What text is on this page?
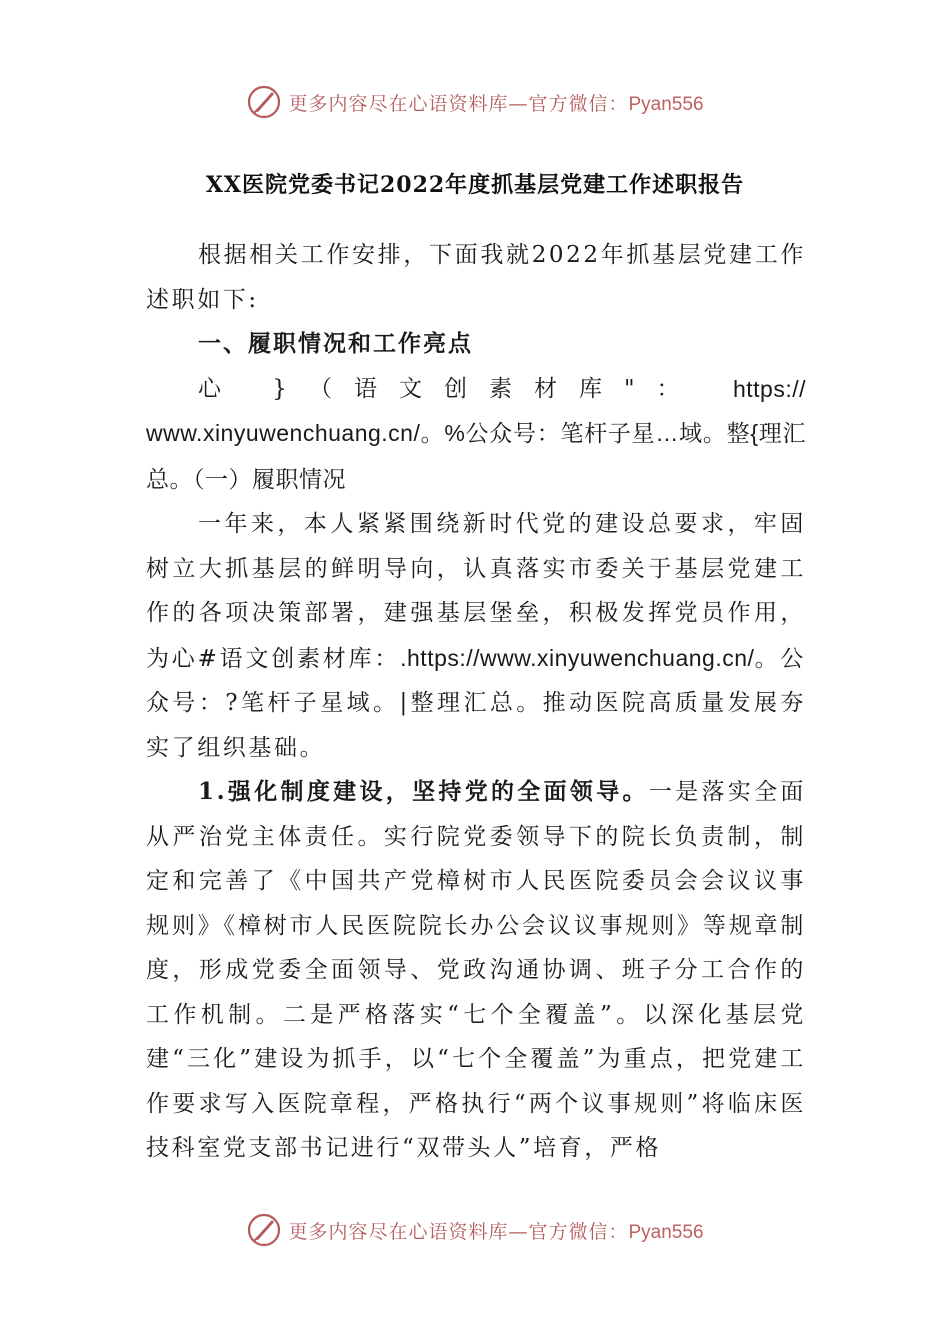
更多内容尽在心语资料库—官方微信：Pyan556
XX医院党委书记2022年度抓基层党建工作述职报告

根据相关工作安排，下面我就2022年抓基层党建工作述职如下:

一、履职情况和工作亮点

心 }（语文创素材库"：	https://

www.xinyuwenchuang.cn/。%公众号：笔杆子星…域。整{理汇总。（一）履职情况

一年来，本人紧紧围绕新时代党的建设总要求，牢固树立大抓基层的鲜明导向，认真落实市委关于基层党建工作的各项决策部署，建强基层堡垒，积极发挥党员作用，为心#语文创素材库：.https://www.xinyuwenchuang.cn/。公众号：?笔杆子星域。|整理汇总。推动医院高质量发展夯实了组织基础。

1.强化制度建设，坚持党的全面领导。一是落实全面从严治党主体责任。实行院党委领导下的院长负责制，制定和完善了《中国共产党樟树市人民医院委员会会议议事规则》《樟树市人民医院院长办公会议议事规则》等规章制度，形成党委全面领导、党政沟通协调、班子分工合作的工作机制。二是严格落实“七个全覆盖”。以深化基层党建“三化”建设为抓手，以“七个全覆盖”为重点，把党建工作要求写入医院章程，严格执行“两个议事规则”将临床医技科室党支部书记进行“双带头人”培育，严格

更多内容尽在心语资料库—官方微信：Pyan556
